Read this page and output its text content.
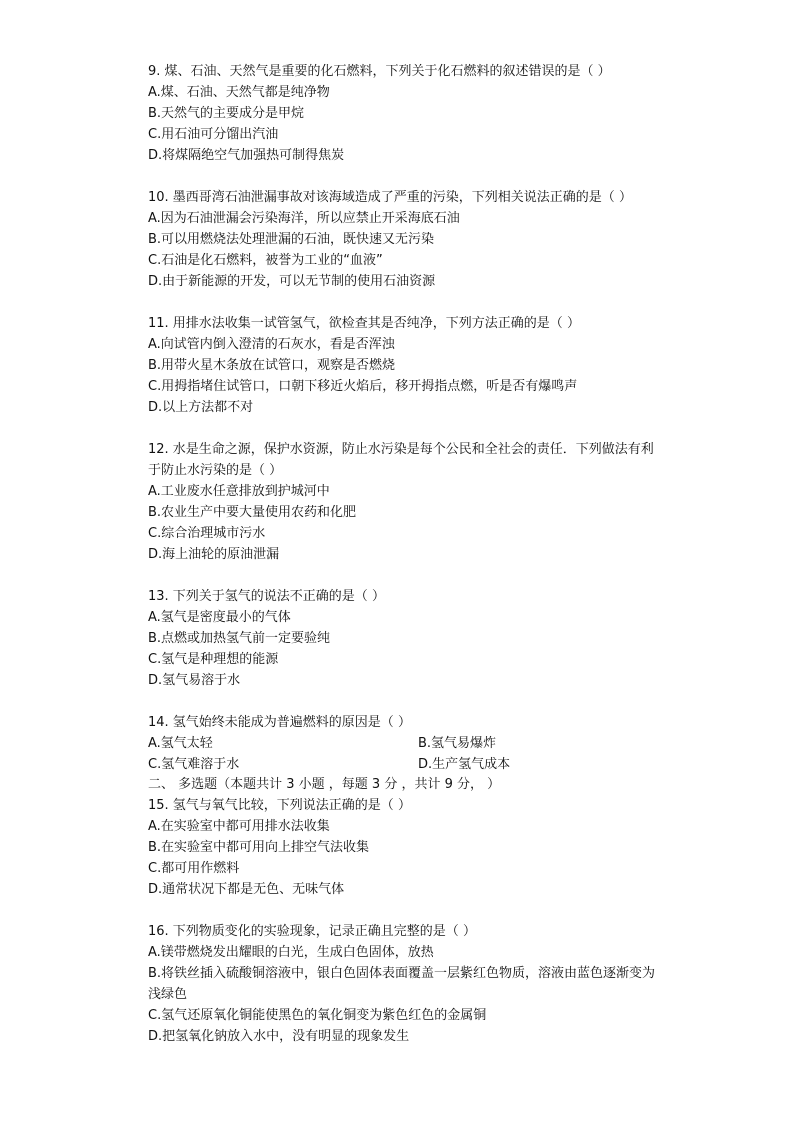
9. 煤、石油、天然气是重要的化石燃料，下列关于化石燃料的叙述错误的是（ ）
A.煤、石油、天然气都是纯净物
B.天然气的主要成分是甲烷
C.用石油可分馏出汽油
D.将煤隔绝空气加强热可制得焦炭
10. 墨西哥湾石油泄漏事故对该海域造成了严重的污染，下列相关说法正确的是（ ）
A.因为石油泄漏会污染海洋，所以应禁止开采海底石油
B.可以用燃烧法处理泄漏的石油，既快速又无污染
C.石油是化石燃料，被誉为工业的“血液”
D.由于新能源的开发，可以无节制的使用石油资源
11. 用排水法收集一试管氢气，欲检查其是否纯净，下列方法正确的是（ ）
A.向试管内倒入澄清的石灰水，看是否浑浊
B.用带火星木条放在试管口，观察是否燃烧
C.用拇指堵住试管口，口朝下移近火焰后，移开拇指点燃，听是否有爆鸣声
D.以上方法都不对
12. 水是生命之源，保护水资源，防止水污染是每个公民和全社会的责任．下列做法有利于防止水污染的是（ ）
A.工业废水任意排放到护城河中
B.农业生产中要大量使用农药和化肥
C.综合治理城市污水
D.海上油轮的原油泄漏
13. 下列关于氢气的说法不正确的是（ ）
A.氢气是密度最小的气体
B.点燃或加热氢气前一定要验纯
C.氢气是种理想的能源
D.氢气易溶于水
14. 氢气始终未能成为普遍燃料的原因是（ ）
A.氢气太轻	B.氢气易爆炸
C.氢气难溶于水	D.生产氢气成本
二、 多选题（本题共计 3 小题 ，每题 3 分 ，共计 9 分， ）
15. 氢气与氧气比较，下列说法正确的是（ ）
A.在实验室中都可用排水法收集
B.在实验室中都可用向上排空气法收集
C.都可用作燃料
D.通常状况下都是无色、无味气体
16. 下列物质变化的实验现象，记录正确且完整的是（ ）
A.镁带燃烧发出耀眼的白光，生成白色固体，放热
B.将铁丝插入硫酸铜溶液中，银白色固体表面覆盖一层紫红色物质，溶液由蓝色逐渐变为浅绿色
C.氢气还原氧化铜能使黑色的氧化铜变为紫色红色的金属铜
D.把氢氧化钠放入水中，没有明显的现象发生
